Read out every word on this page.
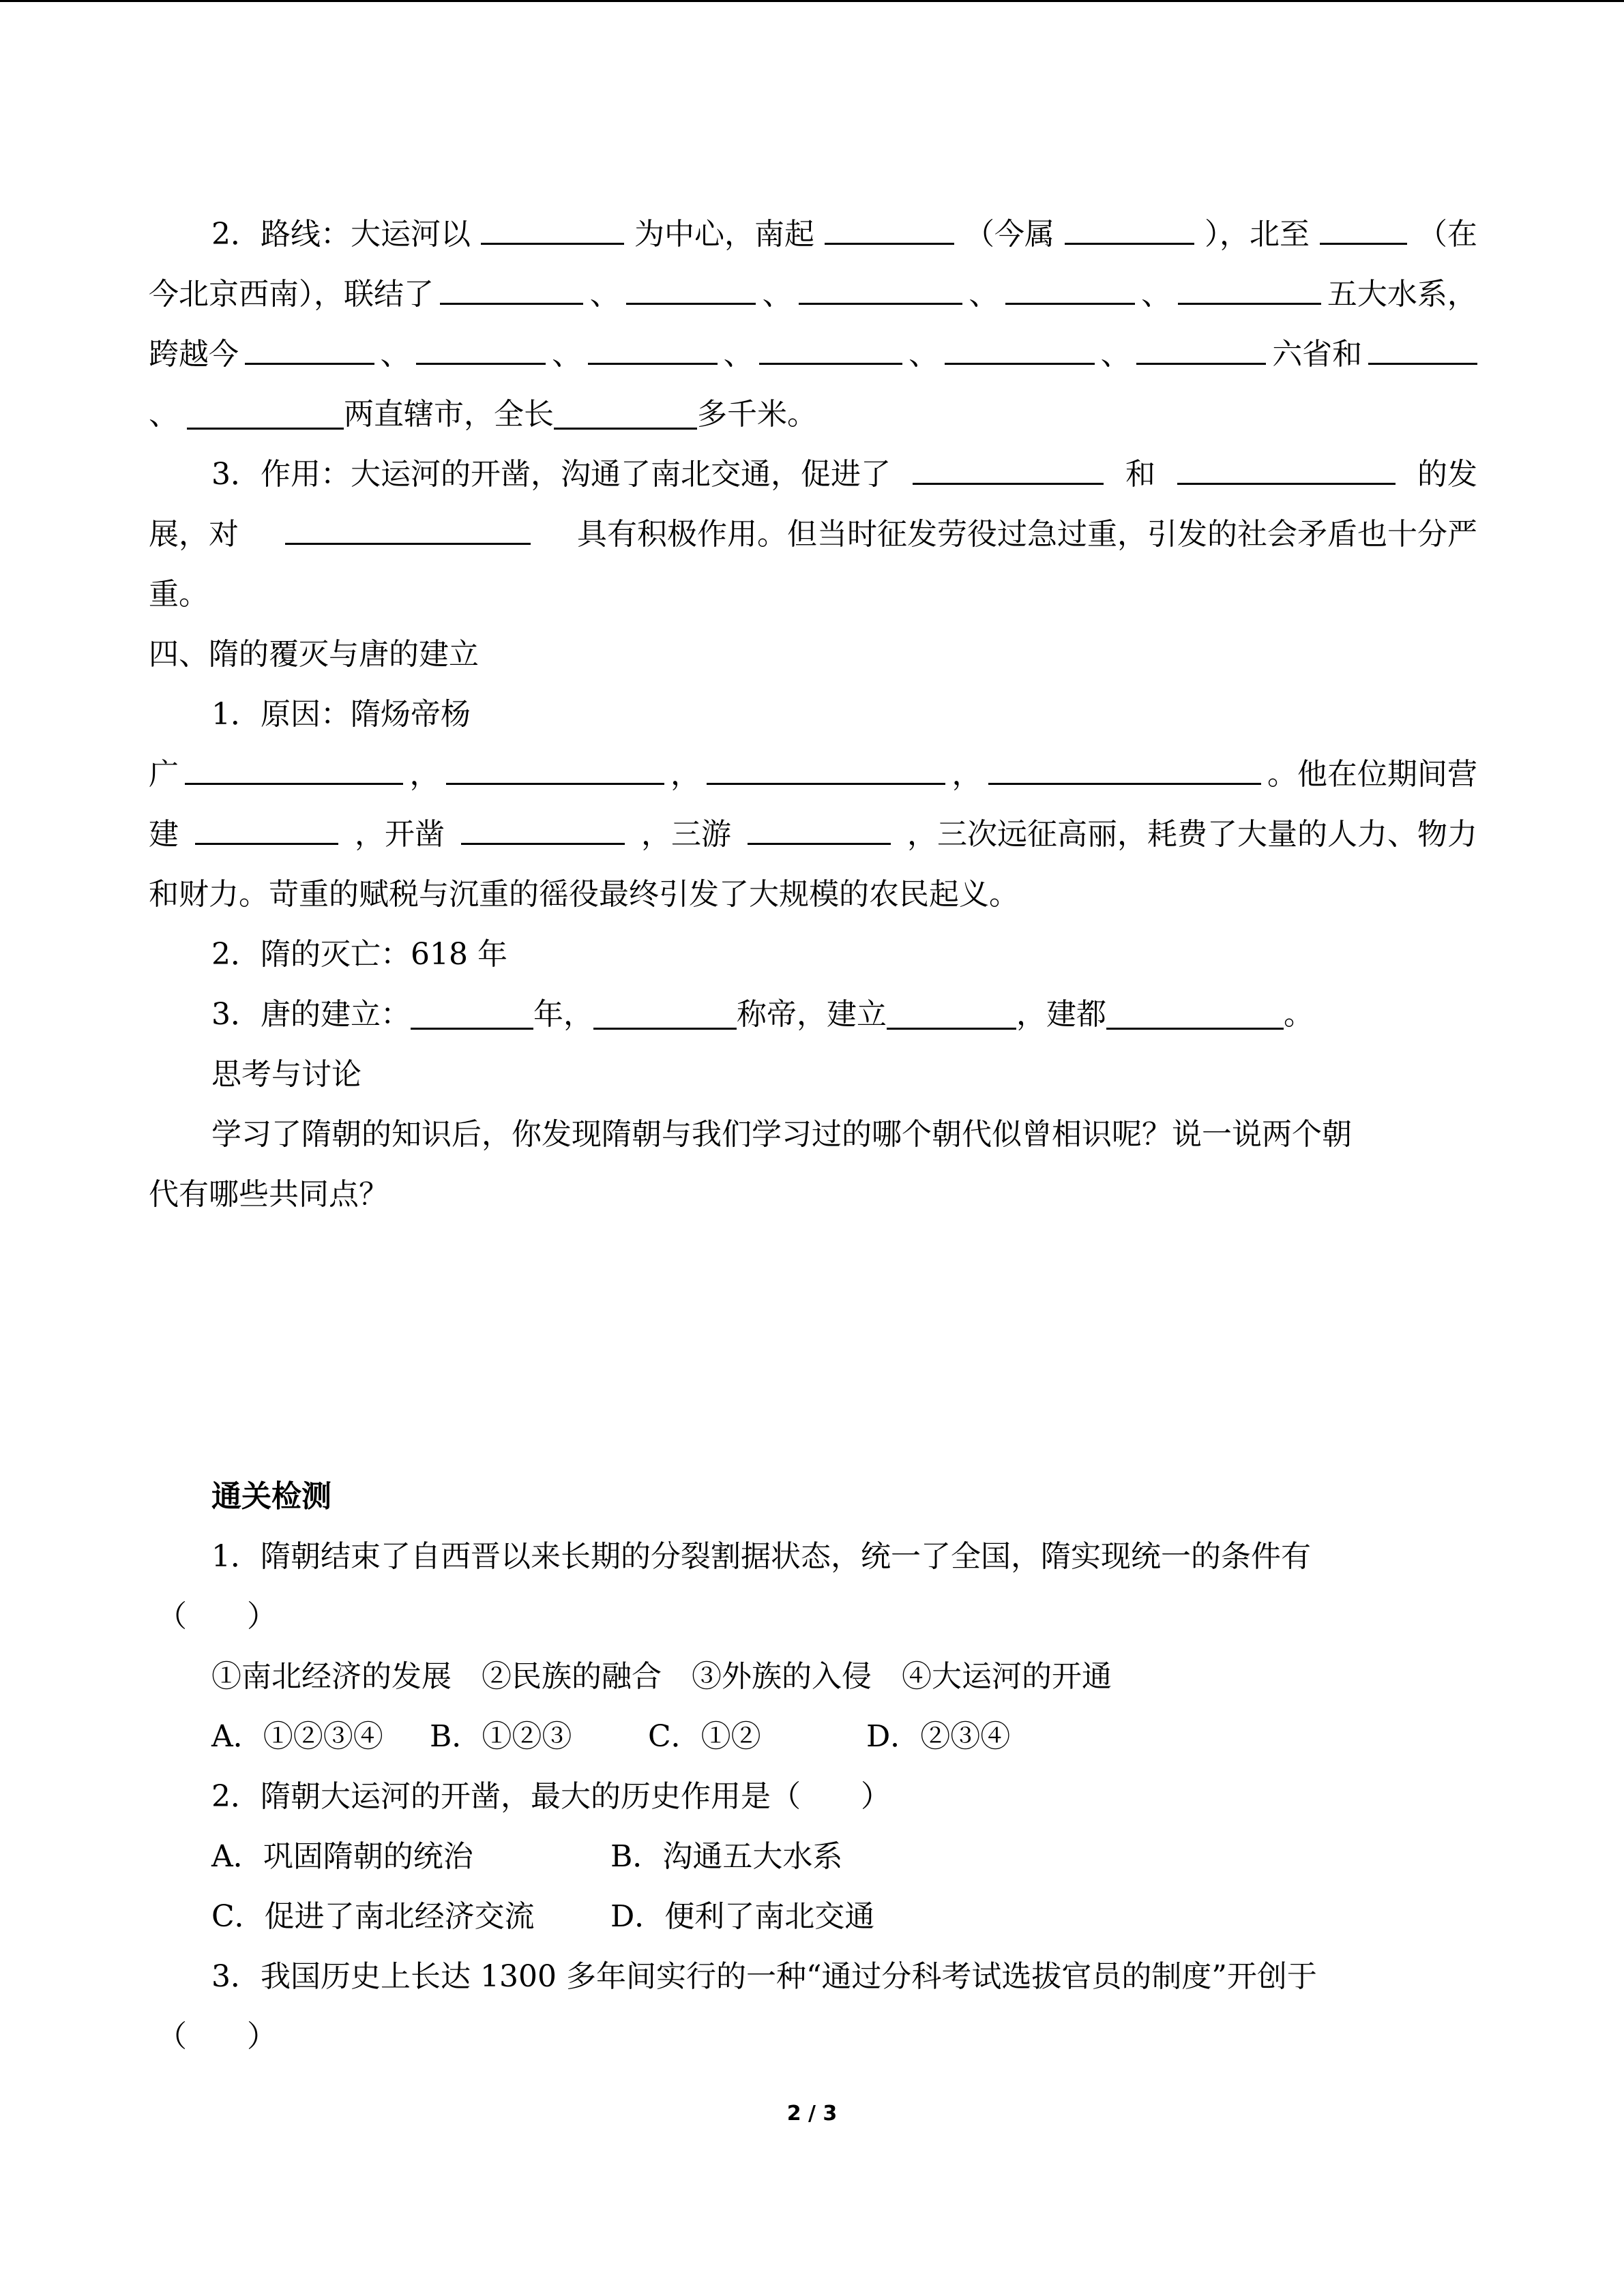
2．路线：大运河以	为中心，南起	（今属	），北至	（在
今北京西南），联结了	、	、	、	、	五大水系，
跨越今	、	、	、	、	、	六省和
、	两直辖市，全长	多千米。
3．作用：大运河的开凿，沟通了南北交通，促进了	和	的发
展，对	具有积极作用。但当时征发劳役过急过重，引发的社会矛盾也十分严
重。
四、隋的覆灭与唐的建立
1．原因：隋炀帝杨
广	，	，	，	。他在位期间营
建	，开凿	，三游	，三次远征高丽，耗费了大量的人力、物力
和财力。苛重的赋税与沉重的徭役最终引发了大规模的农民起义。
2．隋的灭亡：618 年
3．唐的建立：	年，	称帝，建立	，建都	。
思考与讨论
学习了隋朝的知识后，你发现隋朝与我们学习过的哪个朝代似曾相识呢？说一说两个朝
代有哪些共同点？
通关检测
1．隋朝结束了自西晋以来长期的分裂割据状态，统一了全国，隋实现统一的条件有
（　　）
①南北经济的发展　②民族的融合　③外族的入侵　④大运河的开通
A．①②③④ B．①②③	C．①②	D．②③④
2．隋朝大运河的开凿，最大的历史作用是（　　）
A．巩固隋朝的统治	B．沟通五大水系
C．促进了南北经济交流	D．便利了南北交通
3．我国历史上长达 1300 多年间实行的一种“通过分科考试选拔官员的制度”开创于
（　　）
2 / 3
